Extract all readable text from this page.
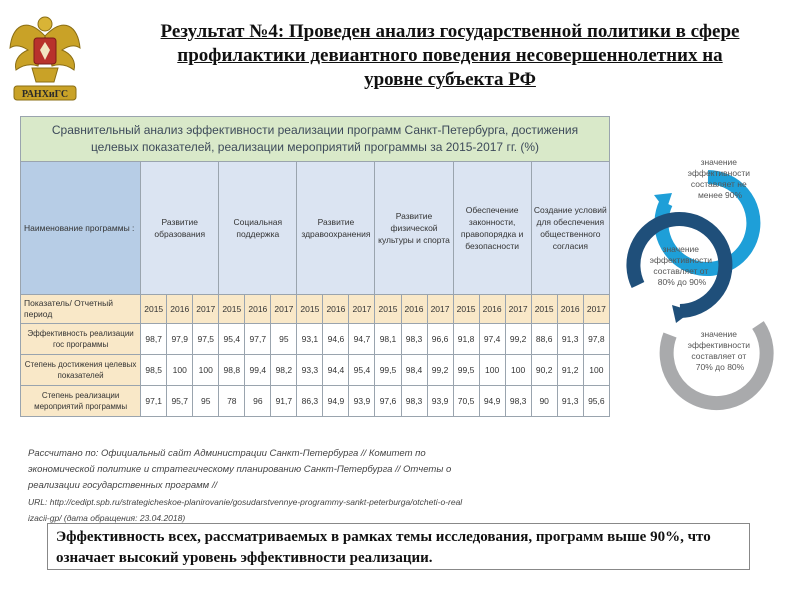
РАНХиГС
Результат №4: Проведен анализ государственной политики в сфере
профилактики девиантного поведения несовершеннолетних на
уровне субъекта РФ
Сравнительный анализ эффективности реализации программ Санкт-Петербурга, достижения
целевых показателей, реализации мероприятий программы за 2015-2017 гг. (%)																		

Наименование программы :	Развитие образования			Социальная поддержка			Развитие здравоохранения			Развитие физической культуры и спорта			Обеспечение законности, правопорядка и безопасности			Создание условий для обеспечения общественного согласия		
Показатель/ Отчетный период	2015	2016	2017	2015	2016	2017	2015	2016	2017	2015	2016	2017	2015	2016	2017	2015	2016	2017
Эффективность реализации гос программы	98,7	97,9	97,5	95,4	97,7	95	93,1	94,6	94,7	98,1	98,3	96,6	91,8	97,4	99,2	88,6	91,3	97,8
Степень достижения целевых показателей	98,5	100	100	98,8	99,4	98,2	93,3	94,4	95,4	99,5	98,4	99,2	99,5	100	100	90,2	91,2	100
Степень реализации мероприятий программы	97,1	95,7	95	78	96	91,7	86,3	94,9	93,9	97,6	98,3	93,9	70,5	94,9	98,3	90	91,3	95,6
значение эффективности составляет не менее 90%
значение эффективности составляет от 80% до 90%
значение эффективности составляет от 70% до 80%
Рассчитано по: Официальный сайт Администрации Санкт-Петербурга // Комитет по
экономической политике и стратегическому планированию Санкт-Петербурга // Отчеты о
реализации государственных программ //
URL: http://cedipt.spb.ru/strategicheskoe-planirovanie/gosudarstvennye-programmy-sankt-peterburga/otcheti-o-real
izacii-gp/ (дата обращения: 23.04.2018)
Эффективность всех, рассматриваемых в рамках темы исследования, программ выше 90%, что означает высокий уровень эффективности реализации.
